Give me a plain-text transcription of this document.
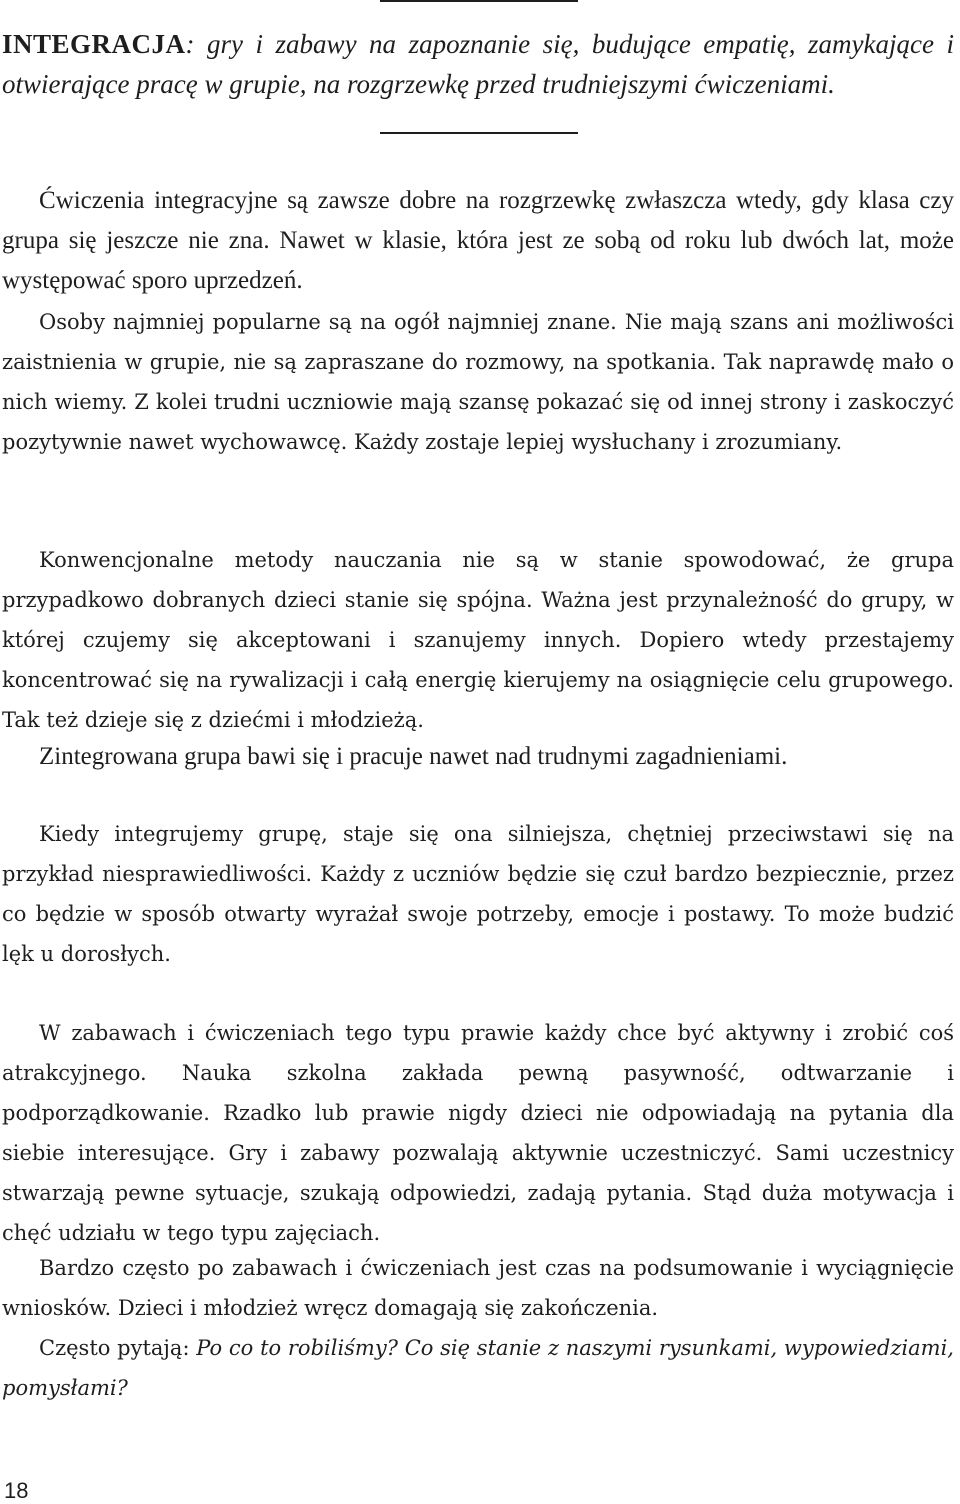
INTEGRACJA: gry i zabawy na zapoznanie się, budujące empatię, zamykające i otwierające pracę w grupie, na rozgrzewkę przed trudniejszymi ćwiczeniami.

Ćwiczenia integracyjne są zawsze dobre na rozgrzewkę zwłaszcza wtedy, gdy klasa czy grupa się jeszcze nie zna. Nawet w klasie, która jest ze sobą od roku lub dwóch lat, może występować sporo uprzedzeń.

Osoby najmniej popularne są na ogół najmniej znane. Nie mają szans ani możliwości zaistnienia w grupie, nie są zapraszane do rozmowy, na spotkania. Tak naprawdę mało o nich wiemy. Z kolei trudni uczniowie mają szansę pokazać się od innej strony i zaskoczyć pozytywnie nawet wychowawcę. Każdy zostaje lepiej wysłuchany i zrozumiany.

Konwencjonalne metody nauczania nie są w stanie spowodować, że grupa przypadkowo dobranych dzieci stanie się spójna. Ważna jest przynależność do grupy, w której czujemy się akceptowani i szanujemy innych. Dopiero wtedy przestajemy koncentrować się na rywalizacji i całą energię kierujemy na osiągnięcie celu grupowego. Tak też dzieje się z dziećmi i młodzieżą.

Zintegrowana grupa bawi się i pracuje nawet nad trudnymi zagadnieniami.

Kiedy integrujemy grupę, staje się ona silniejsza, chętniej przeciwstawi się na przykład niesprawiedliwości. Każdy z uczniów będzie się czuł bardzo bezpiecznie, przez co będzie w sposób otwarty wyrażał swoje potrzeby, emocje i postawy. To może budzić lęk u dorosłych.

W zabawach i ćwiczeniach tego typu prawie każdy chce być aktywny i zrobić coś atrakcyjnego. Nauka szkolna zakłada pewną pasywność, odtwarzanie i podporządkowanie. Rzadko lub prawie nigdy dzieci nie odpowiadają na pytania dla siebie interesujące. Gry i zabawy pozwalają aktywnie uczestniczyć. Sami uczestnicy stwarzają pewne sytuacje, szukają odpowiedzi, zadają pytania. Stąd duża motywacja i chęć udziału w tego typu zajęciach.

Bardzo często po zabawach i ćwiczeniach jest czas na podsumowanie i wyciągnięcie wniosków. Dzieci i młodzież wręcz domagają się zakończenia.

Często pytają: Po co to robiliśmy? Co się stanie z naszymi rysunkami, wypowiedziami, pomysłami?

18
